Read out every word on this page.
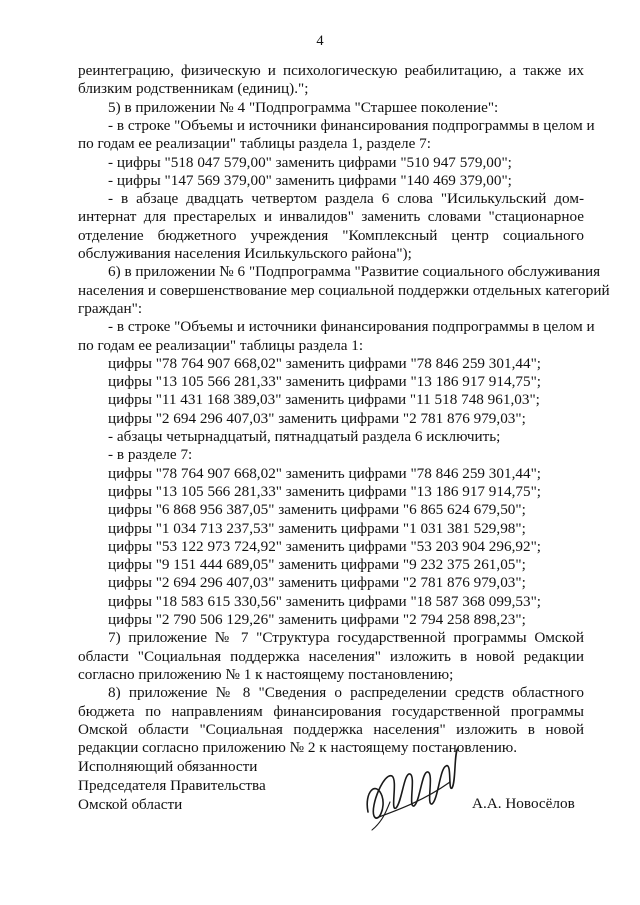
4
реинтеграцию, физическую и психологическую реабилитацию, а также их
близким родственникам (единиц).";
5) в приложении № 4 "Подпрограмма "Старшее поколение":
- в строке "Объемы и источники финансирования подпрограммы в целом и
по годам ее реализации" таблицы раздела 1, разделе 7:
- цифры "518 047 579,00" заменить цифрами "510 947 579,00";
- цифры "147 569 379,00" заменить цифрами "140 469 379,00";
- в абзаце двадцать четвертом раздела 6 слова "Исилькульский дом-
интернат для престарелых и инвалидов" заменить словами "стационарное
отделение бюджетного учреждения "Комплексный центр социального
обслуживания населения Исилькульского района");
6) в приложении № 6 "Подпрограмма "Развитие социального обслуживания
населения и совершенствование мер социальной поддержки отдельных категорий
граждан":
- в строке "Объемы и источники финансирования подпрограммы в целом и
по годам ее реализации" таблицы раздела 1:
цифры "78 764 907 668,02" заменить цифрами "78 846 259 301,44";
цифры "13 105 566 281,33" заменить цифрами "13 186 917 914,75";
цифры "11 431 168 389,03" заменить цифрами "11 518 748 961,03";
цифры "2 694 296 407,03" заменить цифрами "2 781 876 979,03";
- абзацы четырнадцатый, пятнадцатый раздела 6 исключить;
- в разделе 7:
цифры "78 764 907 668,02" заменить цифрами "78 846 259 301,44";
цифры "13 105 566 281,33" заменить цифрами "13 186 917 914,75";
цифры "6 868 956 387,05" заменить цифрами "6 865 624 679,50";
цифры "1 034 713 237,53" заменить цифрами "1 031 381 529,98";
цифры "53 122 973 724,92" заменить цифрами "53 203 904 296,92";
цифры "9 151 444 689,05" заменить цифрами "9 232 375 261,05";
цифры "2 694 296 407,03" заменить цифрами "2 781 876 979,03";
цифры "18 583 615 330,56" заменить цифрами "18 587 368 099,53";
цифры "2 790 506 129,26" заменить цифрами "2 794 258 898,23";
7) приложение № 7 "Структура государственной программы Омской
области "Социальная поддержка населения" изложить в новой редакции
согласно приложению № 1 к настоящему постановлению;
8) приложение № 8 "Сведения о распределении средств областного
бюджета по направлениям финансирования государственной программы
Омской области "Социальная поддержка населения" изложить в новой
редакции согласно приложению № 2 к настоящему постановлению.
Исполняющий обязанности
Председателя Правительства
Омской области	А.А. Новосёлов
